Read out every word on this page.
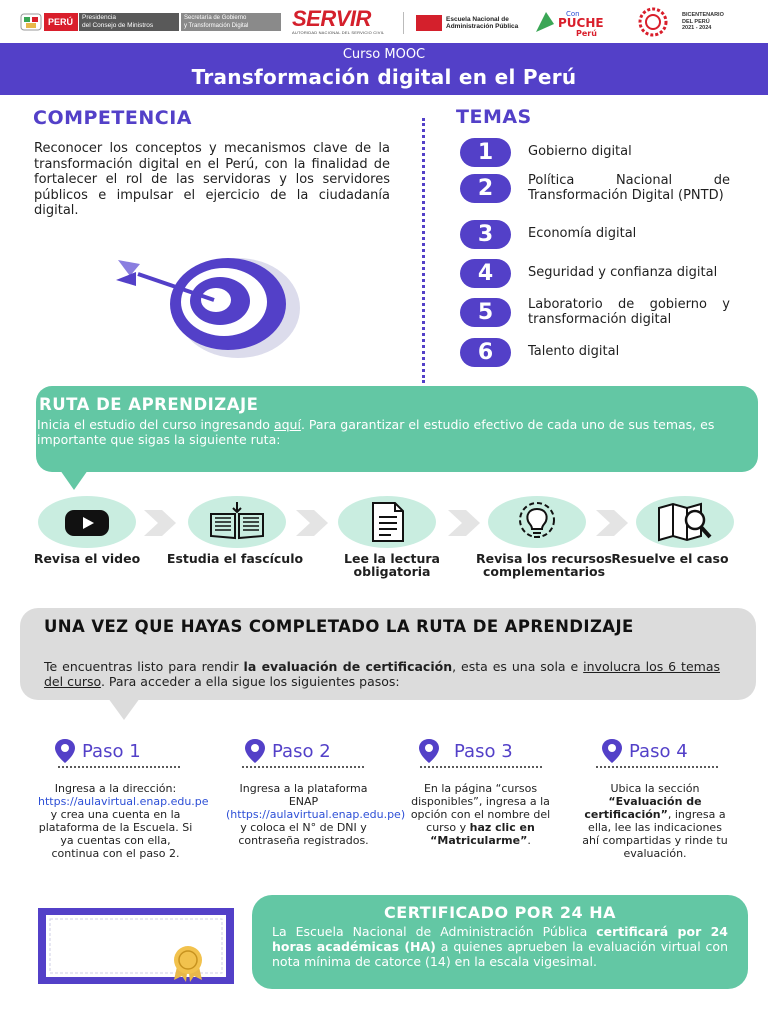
PERÚ	Presidencia
del Consejo de Ministros
Secretaría de Gobierno
y Transformación Digital	SERVIR
AUTORIDAD NACIONAL DEL SERVICIO CIVIL
Escuela Nacional de
Administración Pública
Con
PUCHE
Perú
BICENTENARIO
DEL PERÚ
2021 - 2024
Curso MOOC
Transformación digital en el Perú
COMPETENCIA
Reconocer los conceptos y mecanismos clave de la transformación digital en el Perú, con la finalidad de fortalecer el rol de las servidoras y los servidores públicos e impulsar el ejercicio de la ciudadanía digital.
TEMAS
1	Gobierno digital
2	Política Nacional de Transformación Digital (PNTD)
3	Economía digital
4	Seguridad y confianza digital
5	Laboratorio de gobierno y transformación digital
6	Talento digital
RUTA DE APRENDIZAJE
Inicia el estudio del curso ingresando aquí. Para garantizar el estudio efectivo de cada uno de sus temas, es importante que sigas la siguiente ruta:
Revisa el video	Estudia el fascículo	Lee la lectura obligatoria
Revisa los recursos complementarios
Resuelve el caso
UNA VEZ QUE HAYAS COMPLETADO LA RUTA DE APRENDIZAJE
Te encuentras listo para rendir la evaluación de certificación, esta es una sola e involucra los 6 temas del curso. Para acceder a ella sigue los siguientes pasos:
Paso 1	Paso 2	Paso 3	Paso 4
Ingresa a la dirección: https://aulavirtual.enap.edu.pe y crea una cuenta en la plataforma de la Escuela. Si ya cuentas con ella, continua con el paso 2.
Ingresa a la plataforma ENAP (https://aulavirtual.enap.edu.pe) y coloca el N° de DNI y contraseña registrados.
En la página “cursos disponibles”, ingresa a la opción con el nombre del curso y haz clic en “Matricularme”.
Ubica la sección “Evaluación de certificación”, ingresa a ella, lee las indicaciones ahí compartidas y rinde tu evaluación.
CERTIFICADO POR 24 HA
La Escuela Nacional de Administración Pública certificará por 24 horas académicas (HA) a quienes aprueben la evaluación virtual con nota mínima de catorce (14) en la escala vigesimal.
